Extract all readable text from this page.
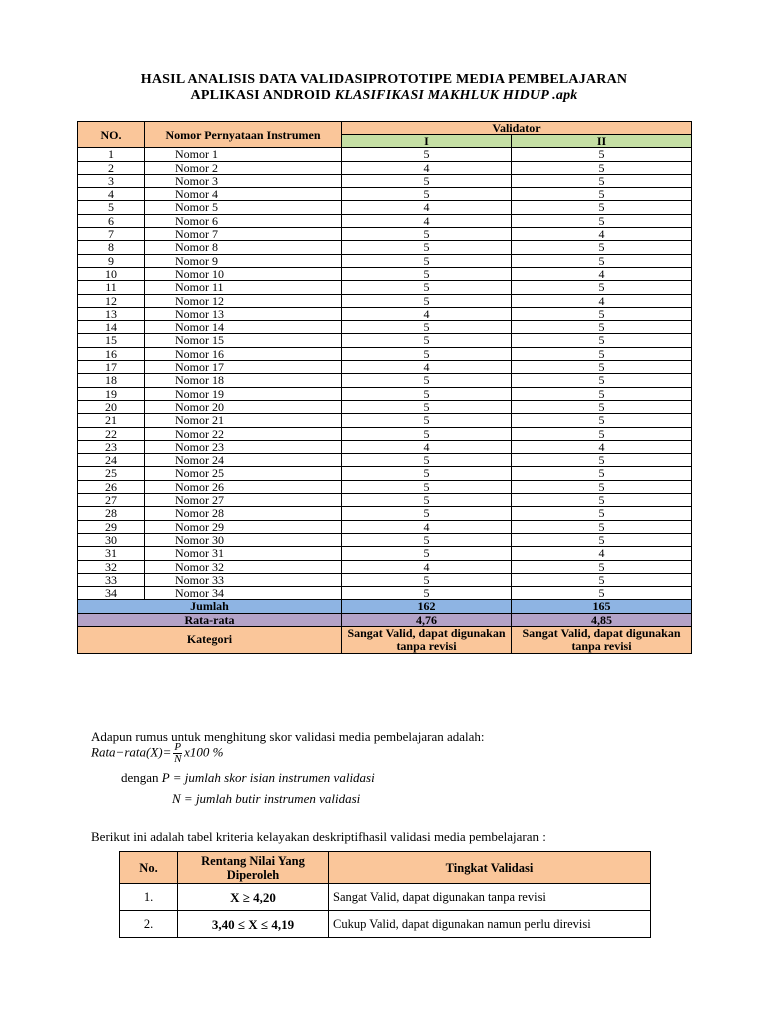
HASIL ANALISIS DATA VALIDASIPROTOTIPE MEDIA PEMBELAJARAN
APLIKASI ANDROID KLASIFIKASI MAKHLUK HIDUP .apk
NO.	Nomor Pernyataan Instrumen	Validator	
		I	II
1	Nomor 1	5	5
2	Nomor 2	4	5
3	Nomor 3	5	5
4	Nomor 4	5	5
5	Nomor 5	4	5
6	Nomor 6	4	5
7	Nomor 7	5	4
8	Nomor 8	5	5
9	Nomor 9	5	5
10	Nomor 10	5	4
11	Nomor 11	5	5
12	Nomor 12	5	4
13	Nomor 13	4	5
14	Nomor 14	5	5
15	Nomor 15	5	5
16	Nomor 16	5	5
17	Nomor 17	4	5
18	Nomor 18	5	5
19	Nomor 19	5	5
20	Nomor 20	5	5
21	Nomor 21	5	5
22	Nomor 22	5	5
23	Nomor 23	4	4
24	Nomor 24	5	5
25	Nomor 25	5	5
26	Nomor 26	5	5
27	Nomor 27	5	5
28	Nomor 28	5	5
29	Nomor 29	4	5
30	Nomor 30	5	5
31	Nomor 31	5	4
32	Nomor 32	4	5
33	Nomor 33	5	5
34	Nomor 34	5	5
Jumlah		162	165
Rata-rata		4,76	4,85
Kategori		Sangat Valid, dapat digunakan tanpa revisi	Sangat Valid, dapat digunakan tanpa revisi
Adapun rumus untuk menghitung skor validasi media pembelajaran adalah:
Rata−rata(X)= $\frac{P}{N} x100$ %
dengan P = jumlah skor isian instrumen validasi
N = jumlah butir instrumen validasi
Berikut ini adalah tabel kriteria kelayakan deskriptifhasil validasi media pembelajaran :
No.	Rentang Nilai Yang Diperoleh	Tingkat Validasi
1.	X ≥ 4,20	Sangat Valid, dapat digunakan tanpa revisi
2.	3,40 ≤ X ≤ 4,19	Cukup Valid, dapat digunakan namun perlu direvisi
